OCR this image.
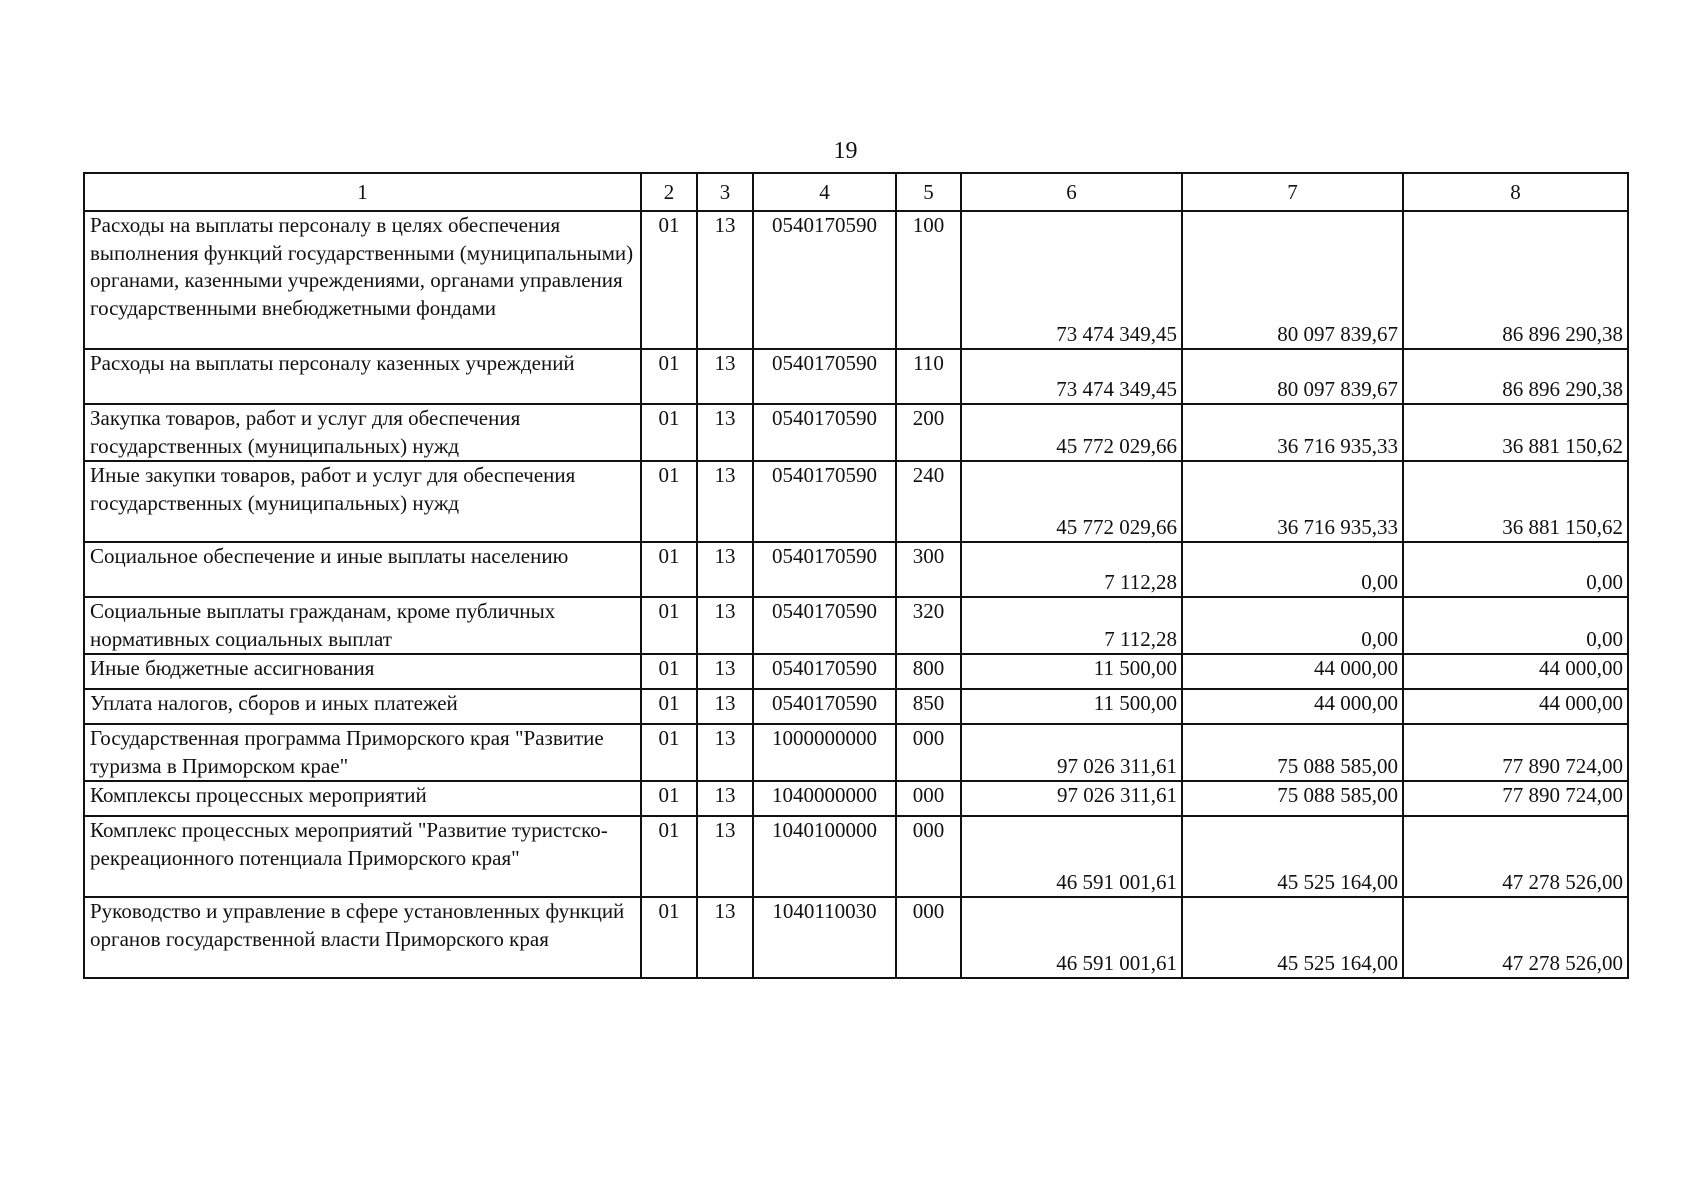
19
1	2	3	4	5	6	7	8
Расходы на выплаты персоналу в целях обеспечения выполнения функций государственными (муниципальными) органами, казенными учреждениями, органами управления государственными внебюджетными фондами	01	13	0540170590	100	73 474 349,45	80 097 839,67	86 896 290,38
Расходы на выплаты персоналу казенных учреждений	01	13	0540170590	110	73 474 349,45	80 097 839,67	86 896 290,38
Закупка товаров, работ и услуг для обеспечения государственных (муниципальных) нужд	01	13	0540170590	200	45 772 029,66	36 716 935,33	36 881 150,62
Иные закупки товаров, работ и услуг для обеспечения государственных (муниципальных) нужд	01	13	0540170590	240	45 772 029,66	36 716 935,33	36 881 150,62
Социальное обеспечение и иные выплаты населению	01	13	0540170590	300	7 112,28	0,00	0,00
Социальные выплаты гражданам, кроме публичных нормативных социальных выплат	01	13	0540170590	320	7 112,28	0,00	0,00
Иные бюджетные ассигнования	01	13	0540170590	800	11 500,00	44 000,00	44 000,00
Уплата налогов, сборов и иных платежей	01	13	0540170590	850	11 500,00	44 000,00	44 000,00
Государственная программа Приморского края "Развитие туризма в Приморском крае"	01	13	1000000000	000	97 026 311,61	75 088 585,00	77 890 724,00
Комплексы процессных мероприятий	01	13	1040000000	000	97 026 311,61	75 088 585,00	77 890 724,00
Комплекс процессных мероприятий "Развитие туристско-рекреационного потенциала Приморского края"	01	13	1040100000	000	46 591 001,61	45 525 164,00	47 278 526,00
Руководство и управление в сфере установленных функций органов государственной власти Приморского края	01	13	1040110030	000	46 591 001,61	45 525 164,00	47 278 526,00
